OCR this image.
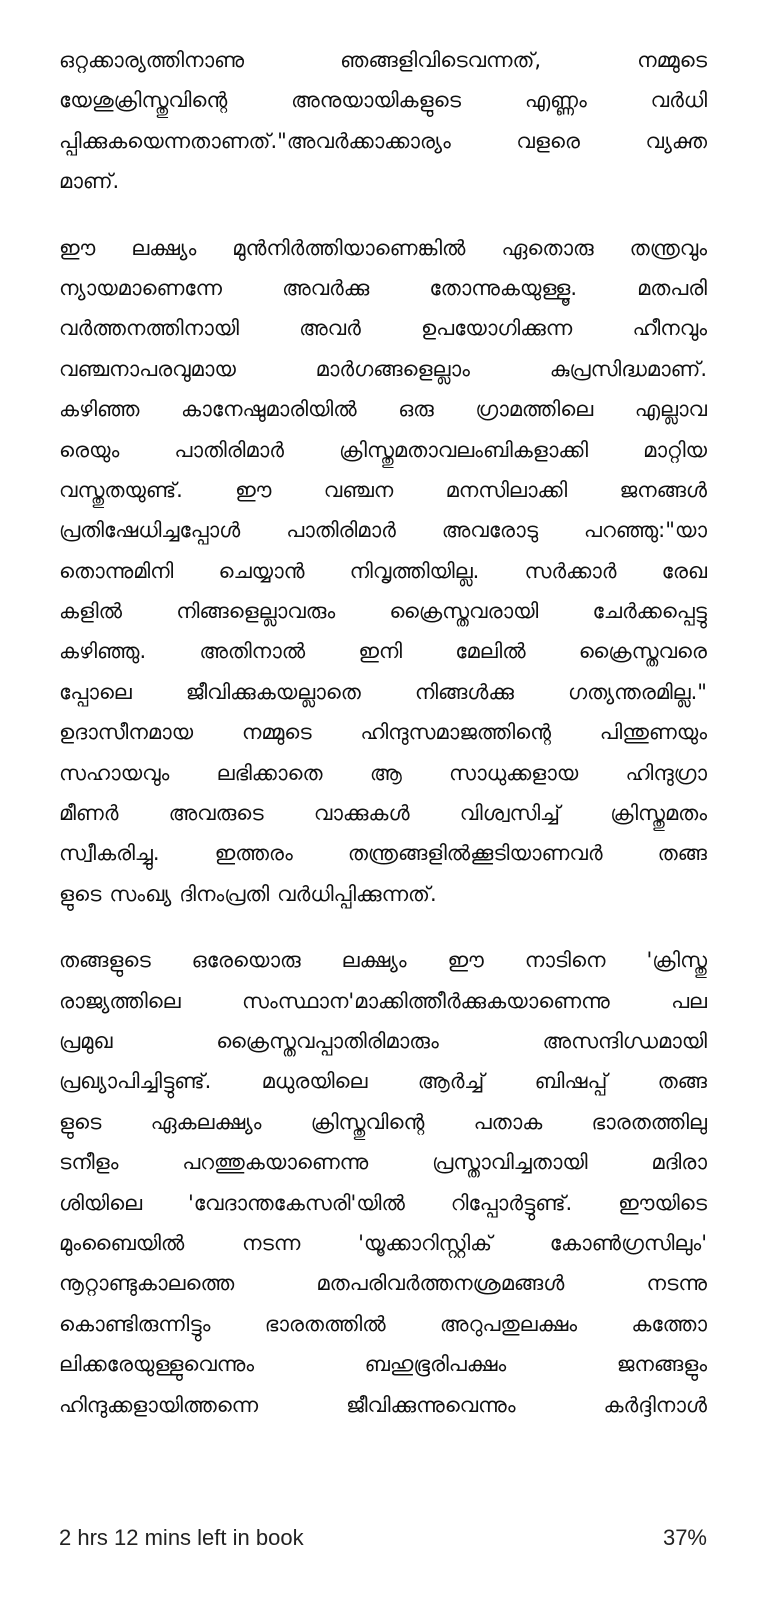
ഒറ്റക്കാര്യത്തിനാണു	ഞങ്ങളിവിടെവന്നത്,	നമ്മുടെ
യേശുക്രിസ്തുവിന്റെ	അനുയായികളുടെ	എണ്ണം	വർധി
പ്പിക്കുകയെന്നതാണത്."അവർക്കാക്കാര്യം	വളരെ	വ്യക്ത
മാണ്.
ഈ ലക്ഷ്യം മുൻനിർത്തിയാണെങ്കിൽ ഏതൊരു തന്ത്രവും
ന്യായമാണെന്നേ	അവർക്കു	തോന്നുകയുള്ളൂ.	മതപരി
വർത്തനത്തിനായി	അവർ	ഉപയോഗിക്കുന്ന	ഹീനവും
വഞ്ചനാപരവുമായ	മാർഗങ്ങളെല്ലാം	കുപ്രസിദ്ധമാണ്.
കഴിഞ്ഞ കാനേഷുമാരിയിൽ ഒരു ഗ്രാമത്തിലെ എല്ലാവ
രെയും	പാതിരിമാർ	ക്രിസ്തുമതാവലംബികളാക്കി	മാറ്റിയ
വസ്തുതയുണ്ട്. ഈ വഞ്ചന മനസിലാക്കി ജനങ്ങൾ
പ്രതിഷേധിച്ചപ്പോൾ പാതിരിമാർ അവരോടു പറഞ്ഞു:"യാ
തൊന്നുമിനി ചെയ്യാൻ നിവൃത്തിയില്ല. സർക്കാർ രേഖ
കളിൽ	നിങ്ങളെല്ലാവരും	ക്രൈസ്തവരായി	ചേർക്കപ്പെട്ടു
കഴിഞ്ഞു.	അതിനാൽ	ഇനി	മേലിൽ	ക്രൈസ്തവരെ
പ്പോലെ	ജീവിക്കുകയല്ലാതെ	നിങ്ങൾക്കു	ഗത്യന്തരമില്ല."
ഉദാസീനമായ നമ്മുടെ ഹിന്ദുസമാജത്തിന്റെ പിന്തുണയും
സഹായവും ലഭിക്കാതെ ആ സാധുക്കളായ ഹിന്ദുഗ്രാ
മീണർ അവരുടെ വാക്കുകൾ വിശ്വസിച്ച് ക്രിസ്തുമതം
സ്വീകരിച്ചു.	ഇത്തരം	തന്ത്രങ്ങളിൽക്കൂടിയാണവർ	തങ്ങ
ളുടെ സംഖ്യ ദിനംപ്രതി വർധിപ്പിക്കുന്നത്.
തങ്ങളുടെ ഒരേയൊരു ലക്ഷ്യം ഈ നാടിനെ 'ക്രിസ്തു
രാജ്യത്തിലെ	സംസ്ഥാന'മാക്കിത്തീർക്കുകയാണെന്നു	പല
പ്രമുഖ	ക്രൈസ്തവപ്പാതിരിമാരും	അസന്ദിഗ്ധമായി
പ്രഖ്യാപിച്ചിട്ടുണ്ട്. മധുരയിലെ ആർച്ച് ബിഷപ്പ് തങ്ങ
ളുടെ ഏകലക്ഷ്യം ക്രിസ്തുവിന്റെ പതാക ഭാരതത്തിലു
ടനീളം	പറത്തുകയാണെന്നു	പ്രസ്താവിച്ചതായി	മദിരാ
ശിയിലെ 'വേദാന്തകേസരി'യിൽ റിപ്പോർട്ടുണ്ട്. ഈയിടെ
മുംബൈയിൽ	നടന്ന	'യൂക്കാറിസ്റ്റിക്	കോൺഗ്രസിലും'
നൂറ്റാണ്ടുകാലത്തെ	മതപരിവർത്തനശ്രമങ്ങൾ	നടന്നു
കൊണ്ടിരുന്നിട്ടും	ഭാരതത്തിൽ	അറുപതുലക്ഷം	കത്തോ
ലിക്കരേയുള്ളുവെന്നും	ബഹുഭൂരിപക്ഷം	ജനങ്ങളും
ഹിന്ദുക്കളായിത്തന്നെ	ജീവിക്കുന്നുവെന്നും	കർദ്ദിനാൾ
2 hrs 12 mins left in book	37%
